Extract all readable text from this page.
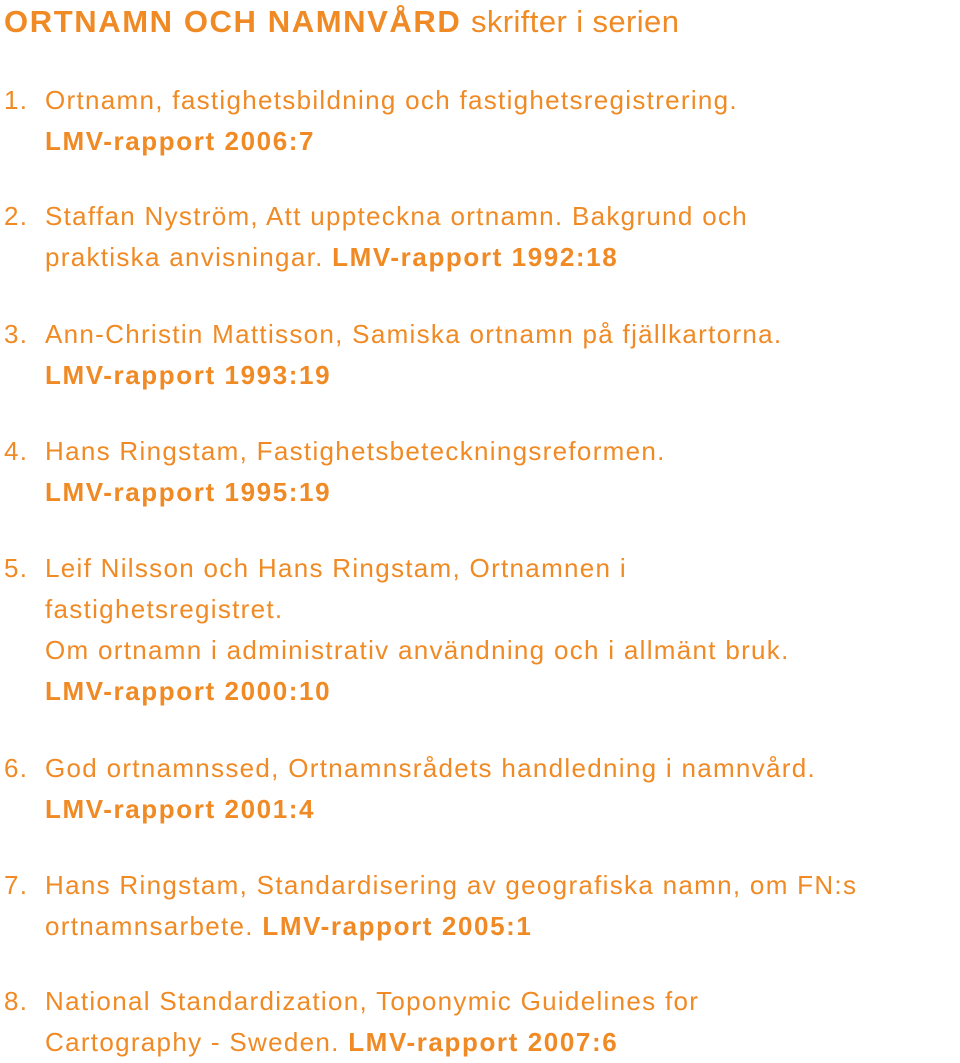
ORTNAMN OCH NAMNVÅRD skrifter i serien
1. Ortnamn, fastighetsbildning och fastighetsregistrering.
LMV-rapport 2006:7
2. Staffan Nyström, Att uppteckna ortnamn. Bakgrund och
praktiska anvisningar. LMV-rapport 1992:18
3. Ann-Christin Mattisson, Samiska ortnamn på fjällkartorna.
LMV-rapport 1993:19
4. Hans Ringstam, Fastighetsbeteckningsreformen.
LMV-rapport 1995:19
5. Leif Nilsson och Hans Ringstam, Ortnamnen i
fastighetsregistret.
Om ortnamn i administrativ användning och i allmänt bruk.
LMV-rapport 2000:10
6. God ortnamnssed, Ortnamnsrådets handledning i namnvård.
LMV-rapport 2001:4
7. Hans Ringstam, Standardisering av geografiska namn, om FN:s
ortnamnsarbete. LMV-rapport 2005:1
8. National Standardization, Toponymic Guidelines for
Cartography - Sweden. LMV-rapport 2007:6
